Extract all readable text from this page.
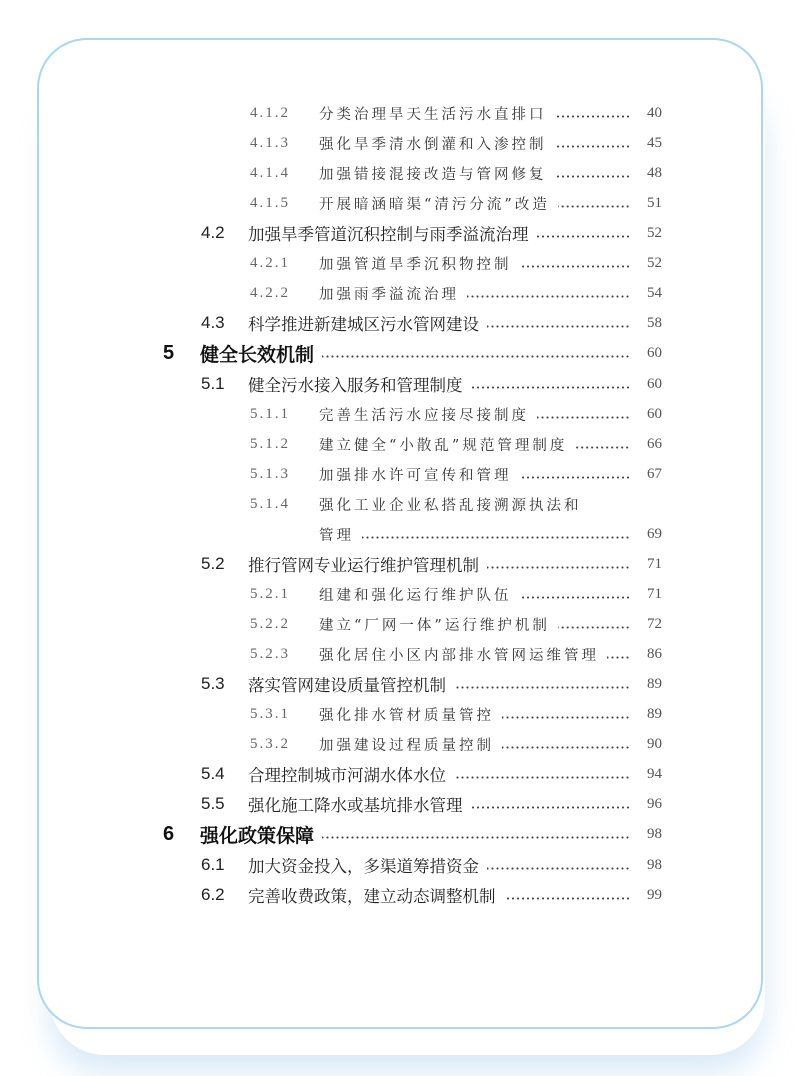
4.1.2 分类治理旱天生活污水直排口	40
4.1.3 强化旱季清水倒灌和入渗控制	45
4.1.4 加强错接混接改造与管网修复	48
4.1.5 开展暗涵暗渠“清污分流”改造	51
4.2 加强旱季管道沉积控制与雨季溢流治理	52
4.2.1 加强管道旱季沉积物控制	52
4.2.2 加强雨季溢流治理	54
4.3 科学推进新建城区污水管网建设	58
5 健全长效机制	60
5.1 健全污水接入服务和管理制度	60
5.1.1 完善生活污水应接尽接制度	60
5.1.2 建立健全“小散乱”规范管理制度	66
5.1.3 加强排水许可宣传和管理	67
5.1.4 强化工业企业私搭乱接溯源执法和
管理	69
5.2 推行管网专业运行维护管理机制	71
5.2.1 组建和强化运行维护队伍	71
5.2.2 建立“厂网一体”运行维护机制	72
5.2.3 强化居住小区内部排水管网运维管理	86
5.3 落实管网建设质量管控机制	89
5.3.1 强化排水管材质量管控	89
5.3.2 加强建设过程质量控制	90
5.4 合理控制城市河湖水体水位	94
5.5 强化施工降水或基坑排水管理	96
6 强化政策保障	98
6.1 加大资金投入，多渠道筹措资金	98
6.2 完善收费政策，建立动态调整机制	99
